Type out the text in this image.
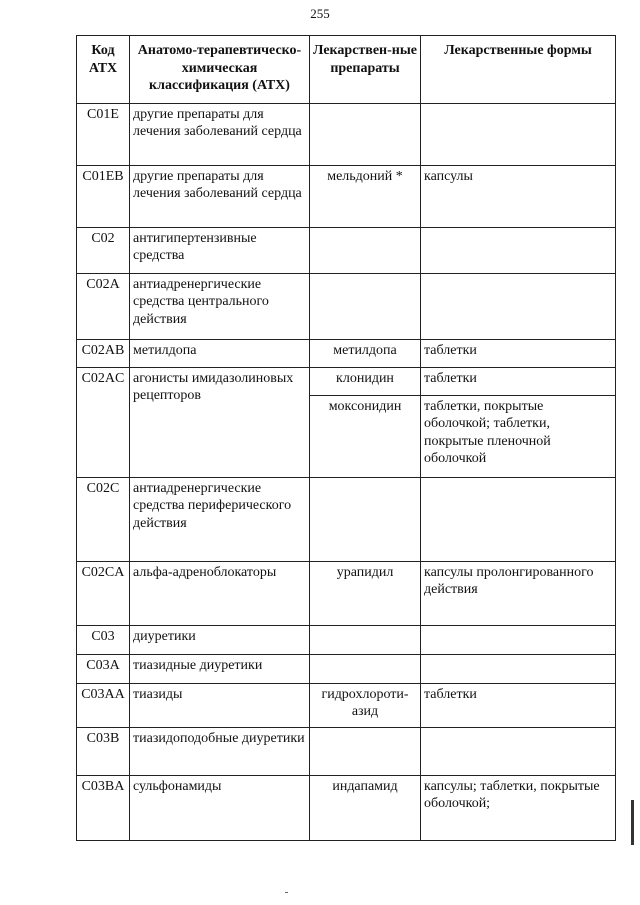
255
Код АТХ	Анатомо-терапевтическо-химическая классификация (АТХ)	Лекарствен-ные препараты	Лекарственные формы
C01E	другие препараты для лечения заболеваний сердца		
C01EB	другие препараты для лечения заболеваний сердца	мельдоний *	капсулы
C02	антигипертензивные средства		
C02A	антиадренергические средства центрального действия		
C02AB	метилдопа	метилдопа	таблетки
C02AC	агонисты имидазолиновых рецепторов	клонидин	таблетки
		моксонидин	таблетки, покрытые оболочкой; таблетки, покрытые пленочной оболочкой
C02C	антиадренергические средства периферического действия		
C02CA	альфа-адреноблокаторы	урапидил	капсулы пролонгированного действия
C03	диуретики		
C03A	тиазидные диуретики		
C03AA	тиазиды	гидрохлороти-азид	таблетки
C03B	тиазидоподобные диуретики		
C03BA	сульфонамиды	индапамид	капсулы; таблетки, покрытые оболочкой;
